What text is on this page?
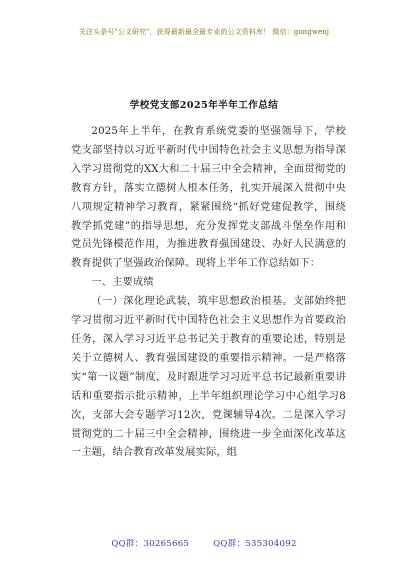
关注头条号"公文研究"，获得最新最全最专业的公文资料库！ 微信：gongwenj
学校党支部2025年半年工作总结

2025年上半年，在教育系统党委的坚强领导下，学校党支部坚持以习近平新时代中国特色社会主义思想为指导深入学习贯彻党的XX大和二十届三中全会精神，全面贯彻党的教育方针，落实立德树人根本任务，扎实开展深入贯彻中央八项规定精神学习教育，紧紧围绕“抓好党建促教学，围绕教学抓党建”的指导思想，充分发挥党支部战斗堡垒作用和党员先锋模范作用，为推进教育强国建设、办好人民满意的教育提供了坚强政治保障。现将上半年工作总结如下：

一、主要成绩

（一）深化理论武装，筑牢思想政治根基。支部始终把学习贯彻习近平新时代中国特色社会主义思想作为首要政治任务，深入学习习近平总书记关于教育的重要论述，特别是关于立德树人、教育强国建设的重要指示精神。一是严格落实“第一议题”制度，及时跟进学习习近平总书记最新重要讲话和重要指示批示精神，上半年组织理论学习中心组学习8次，支部大会专题学习12次，党课辅导4次。二是深入学习贯彻党的二十届三中全会精神，围绕进一步全面深化改革这一主题，结合教育改革发展实际，组

QQ群：30265665	QQ群：535304092
